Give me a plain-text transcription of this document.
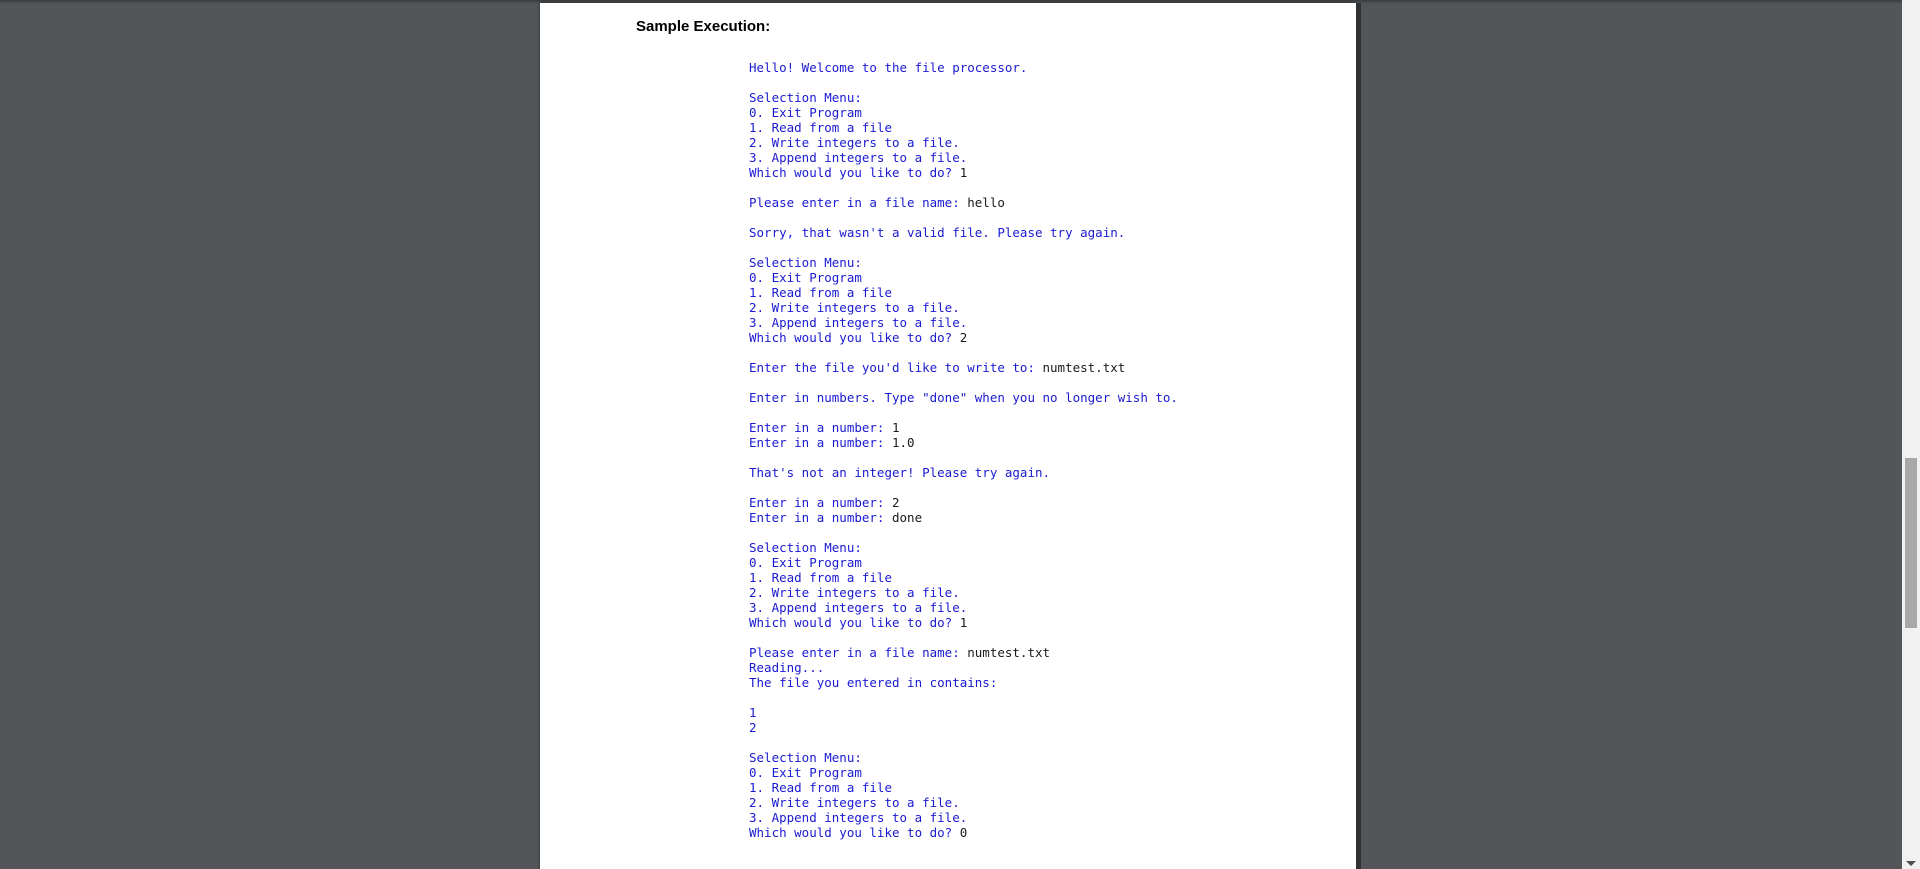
Sample Execution:
Hello! Welcome to the file processor.
Selection Menu:
0. Exit Program
1. Read from a file
2. Write integers to a file.
3. Append integers to a file.
Which would you like to do? 1
Please enter in a file name: hello
Sorry, that wasn't a valid file. Please try again.
Selection Menu:
0. Exit Program
1. Read from a file
2. Write integers to a file.
3. Append integers to a file.
Which would you like to do? 2
Enter the file you'd like to write to: numtest.txt
Enter in numbers. Type "done" when you no longer wish to.
Enter in a number: 1
Enter in a number: 1.0
That's not an integer! Please try again.
Enter in a number: 2
Enter in a number: done
Selection Menu:
0. Exit Program
1. Read from a file
2. Write integers to a file.
3. Append integers to a file.
Which would you like to do? 1
Please enter in a file name: numtest.txt
Reading...
The file you entered in contains:
1
2
Selection Menu:
0. Exit Program
1. Read from a file
2. Write integers to a file.
3. Append integers to a file.
Which would you like to do? 0
